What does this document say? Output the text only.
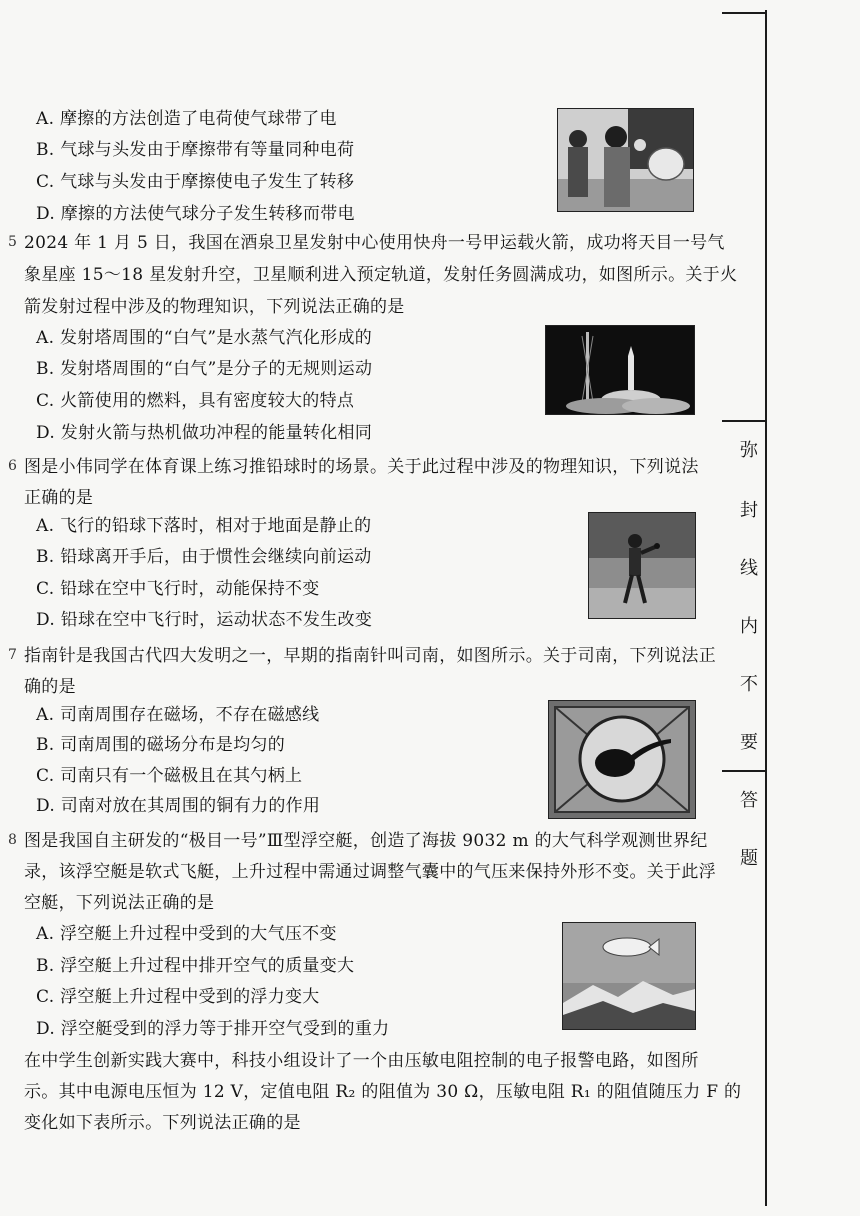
A. 摩擦的方法创造了电荷使气球带了电
B. 气球与头发由于摩擦带有等量同种电荷
C. 气球与头发由于摩擦使电子发生了转移
D. 摩擦的方法使气球分子发生转移而带电
5 2024 年 1 月 5 日，我国在酒泉卫星发射中心使用快舟一号甲运载火箭，成功将天目一号气
象星座 15～18 星发射升空，卫星顺利进入预定轨道，发射任务圆满成功，如图所示。关于火
箭发射过程中涉及的物理知识，下列说法正确的是
A. 发射塔周围的“白气”是水蒸气汽化形成的
B. 发射塔周围的“白气”是分子的无规则运动
C. 火箭使用的燃料，具有密度较大的特点
D. 发射火箭与热机做功冲程的能量转化相同
6 图是小伟同学在体育课上练习推铅球时的场景。关于此过程中涉及的物理知识，下列说法
正确的是
A. 飞行的铅球下落时，相对于地面是静止的
B. 铅球离开手后，由于惯性会继续向前运动
C. 铅球在空中飞行时，动能保持不变
D. 铅球在空中飞行时，运动状态不发生改变
7 指南针是我国古代四大发明之一，早期的指南针叫司南，如图所示。关于司南，下列说法正
确的是
A. 司南周围存在磁场，不存在磁感线
B. 司南周围的磁场分布是均匀的
C. 司南只有一个磁极且在其勺柄上
D. 司南对放在其周围的铜有力的作用
8 图是我国自主研发的“极目一号”Ⅲ型浮空艇，创造了海拔 9032 m 的大气科学观测世界纪
录，该浮空艇是软式飞艇，上升过程中需通过调整气囊中的气压来保持外形不变。关于此浮
空艇，下列说法正确的是
A. 浮空艇上升过程中受到的大气压不变
B. 浮空艇上升过程中排开空气的质量变大
C. 浮空艇上升过程中受到的浮力变大
D. 浮空艇受到的浮力等于排开空气受到的重力
在中学生创新实践大赛中，科技小组设计了一个由压敏电阻控制的电子报警电路，如图所
示。其中电源电压恒为 12 V，定值电阻 R₂ 的阻值为 30 Ω，压敏电阻 R₁ 的阻值随压力 F 的
变化如下表所示。下列说法正确的是
弥
封
线
内
不
要
答
题
